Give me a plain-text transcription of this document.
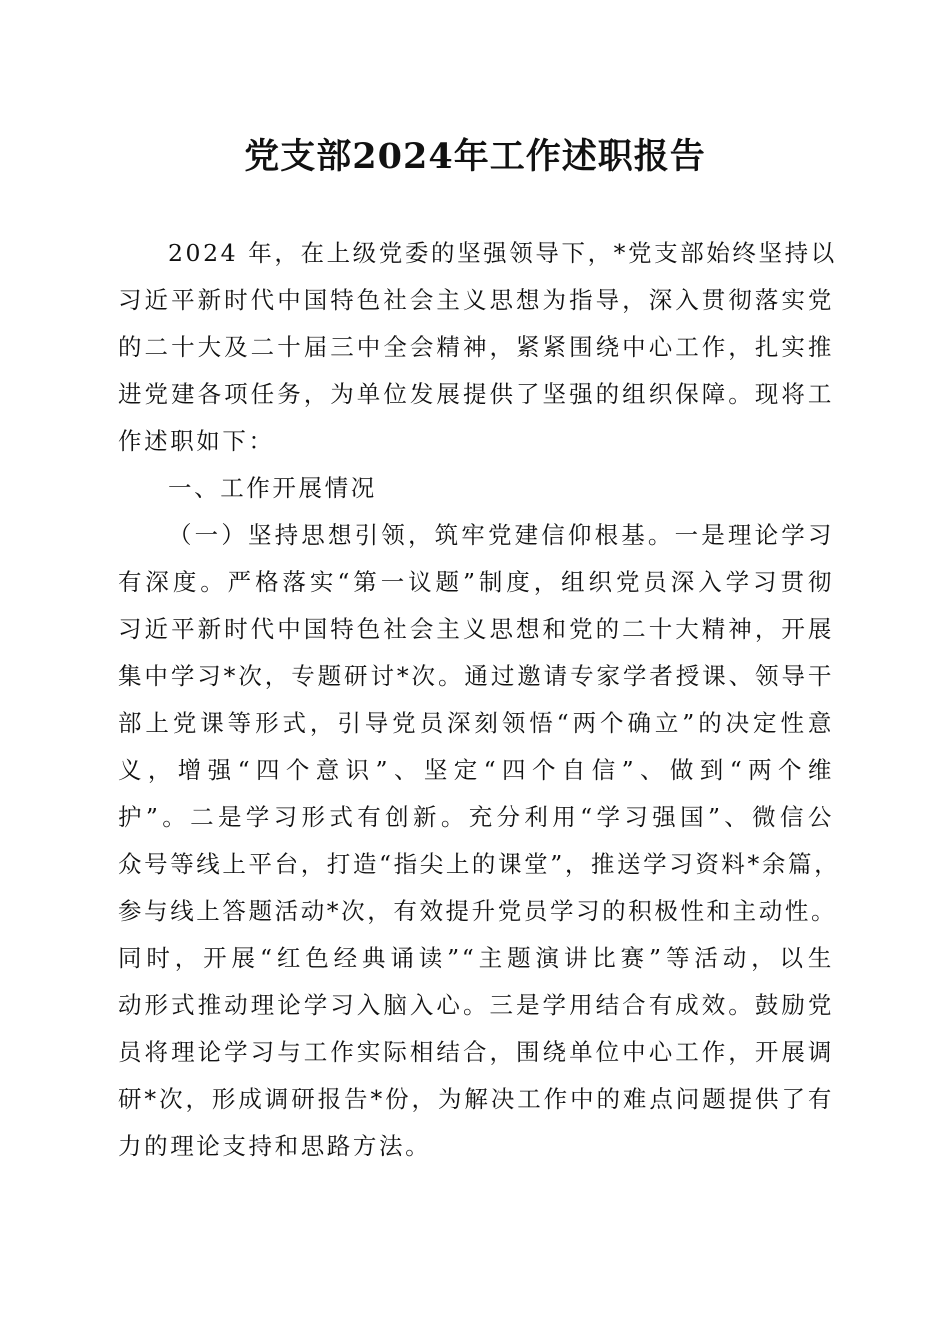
党支部2024年工作述职报告
2024 年，在上级党委的坚强领导下，*党支部始终坚持以
习近平新时代中国特色社会主义思想为指导，深入贯彻落实党
的二十大及二十届三中全会精神，紧紧围绕中心工作，扎实推
进党建各项任务，为单位发展提供了坚强的组织保障。现将工
作述职如下：
一、工作开展情况
（一）坚持思想引领，筑牢党建信仰根基。一是理论学习
有深度。严格落实“第一议题”制度，组织党员深入学习贯彻
习近平新时代中国特色社会主义思想和党的二十大精神，开展
集中学习*次，专题研讨*次。通过邀请专家学者授课、领导干
部上党课等形式，引导党员深刻领悟“两个确立”的决定性意
义，增强“四个意识”、坚定“四个自信”、做到“两个维
护”。二是学习形式有创新。充分利用“学习强国”、微信公
众号等线上平台，打造“指尖上的课堂”，推送学习资料*余篇，
参与线上答题活动*次，有效提升党员学习的积极性和主动性。
同时，开展“红色经典诵读”“主题演讲比赛”等活动，以生
动形式推动理论学习入脑入心。三是学用结合有成效。鼓励党
员将理论学习与工作实际相结合，围绕单位中心工作，开展调
研*次，形成调研报告*份，为解决工作中的难点问题提供了有
力的理论支持和思路方法。
